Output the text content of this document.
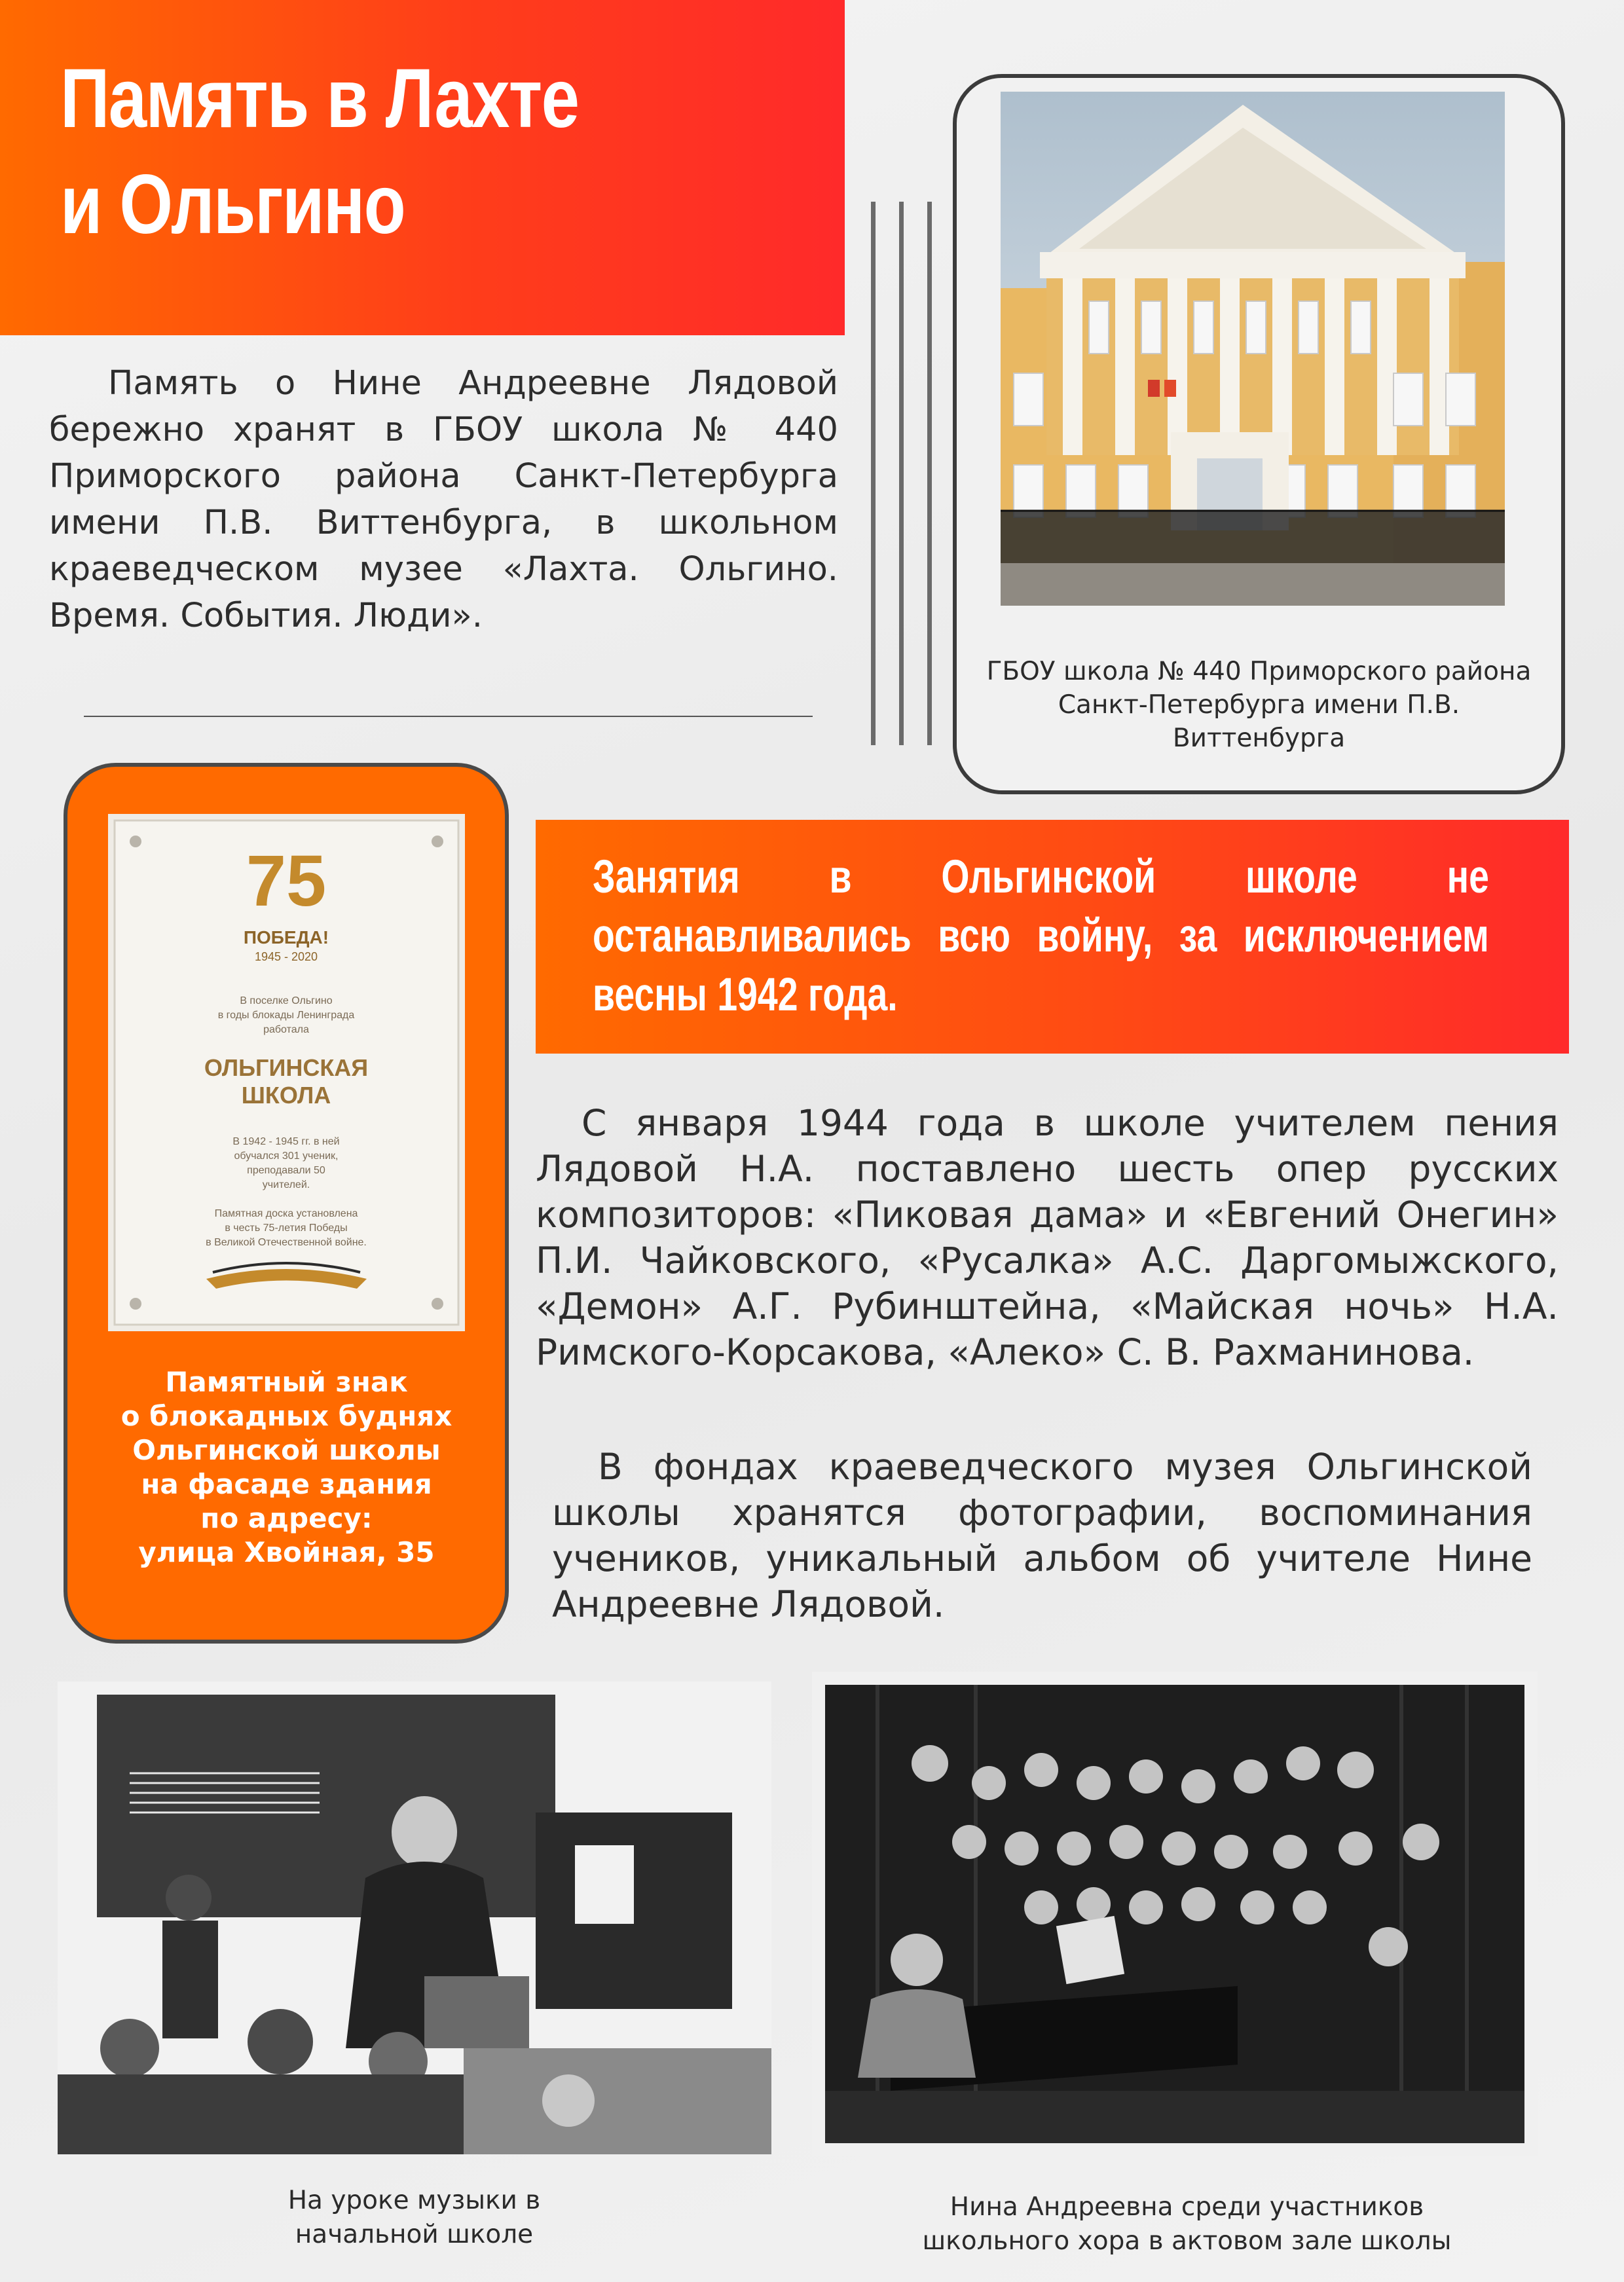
Память в Лахте
и Ольгино
Память о Нине Андреевне Лядовой бережно хранят в ГБОУ школа № 440 Приморского района Санкт-Петербурга имени П.В. Виттенбурга, в школьном краеведческом музее «Лахта. Ольгино. Время. События. Люди».
ГБОУ школа № 440 Приморского района Санкт-Петербурга имени П.В. Виттенбурга
75
ПОБЕДА!
1945 - 2020
В поселке Ольгино
в годы блокады Ленинграда
работала
ОЛЬГИНСКАЯ
ШКОЛА
В 1942 - 1945 гг. в ней
обучался 301 ученик,
преподавали 50
учителей.
Памятная доска установлена
в честь 75-летия Победы
в Великой Отечественной войне.
Памятный знак
о блокадных буднях
Ольгинской школы
на фасаде здания
по адресу:
улица Хвойная, 35
Занятия в Ольгинской школе не останавливались всю войну, за исключением весны 1942 года.
С января 1944 года в школе учителем пения Лядовой Н.А. поставлено шесть опер русских композиторов: «Пиковая дама» и «Евгений Онегин» П.И. Чайковского, «Русалка» А.С. Даргомыжского, «Демон» А.Г. Рубинштейна, «Майская ночь» Н.А. Римского-Корсакова, «Алеко» С. В. Рахманинова.
В фондах краеведческого музея Ольгинской школы хранятся фотографии, воспоминания учеников, уникальный альбом об учителе Нине Андреевне Лядовой.
На уроке музыки в
начальной школе
Нина Андреевна среди участников
школьного хора в актовом зале школы
